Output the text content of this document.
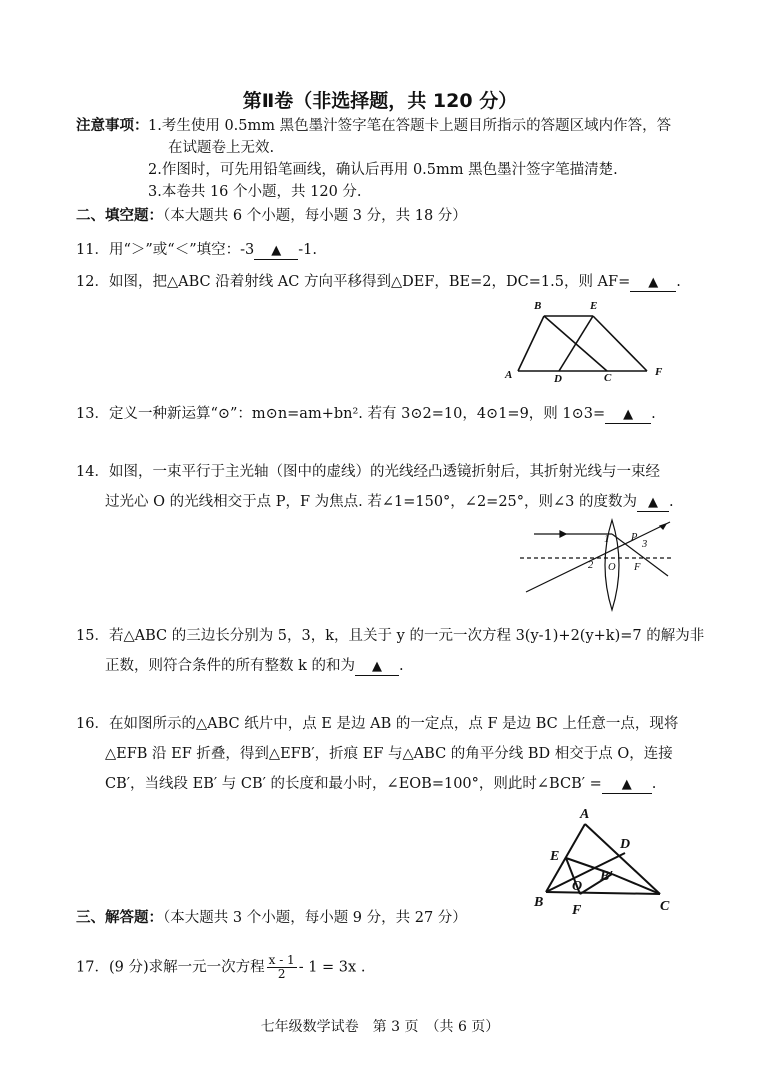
第Ⅱ卷（非选择题，共 120 分）
注意事项： 1.考生使用 0.5mm 黑色墨汁签字笔在答题卡上题目所指示的答题区域内作答，答
在试题卷上无效.
2.作图时，可先用铅笔画线，确认后再用 0.5mm 黑色墨汁签字笔描清楚.
3.本卷共 16 个小题，共 120 分.
二、填空题：（本大题共 6 个小题，每小题 3 分，共 18 分）
11．用“＞”或“＜”填空：-3 ▲ -1.
12．如图，把△ABC 沿着射线 AC 方向平移得到△DEF，BE=2，DC=1.5，则 AF= ▲ .
A
B
C
D
E
F
13．定义一种新运算“⊙”：m⊙n=am+bn². 若有 3⊙2=10，4⊙1=9，则 1⊙3= ▲ .
14．如图，一束平行于主光轴（图中的虚线）的光线经凸透镜折射后，其折射光线与一束经
过光心 O 的光线相交于点 P，F 为焦点. 若∠1=150°，∠2=25°，则∠3 的度数为 ▲ .
1
2
3
P
O F
15．若△ABC 的三边长分别为 5，3，k，且关于 y 的一元一次方程 3(y-1)+2(y+k)=7 的解为非
正数，则符合条件的所有整数 k 的和为 ▲ .
16．在如图所示的△ABC 纸片中，点 E 是边 AB 的一定点，点 F 是边 BC 上任意一点，现将
△EFB 沿 EF 折叠，得到△EFB′，折痕 EF 与△ABC 的角平分线 BD 相交于点 O，连接
CB′，当线段 EB′ 与 CB′ 的长度和最小时，∠EOB=100°，则此时∠BCB′ = ▲ .
A
B	C
D
E
F
O
B′
三、解答题：（本大题共 3 个小题，每小题 9 分，共 27 分）
17．(9 分)求解一元一次方程 $\frac{x - 1}{2} - 1 = 3x$ .
七年级数学试卷　第 3 页　（共 6 页）
